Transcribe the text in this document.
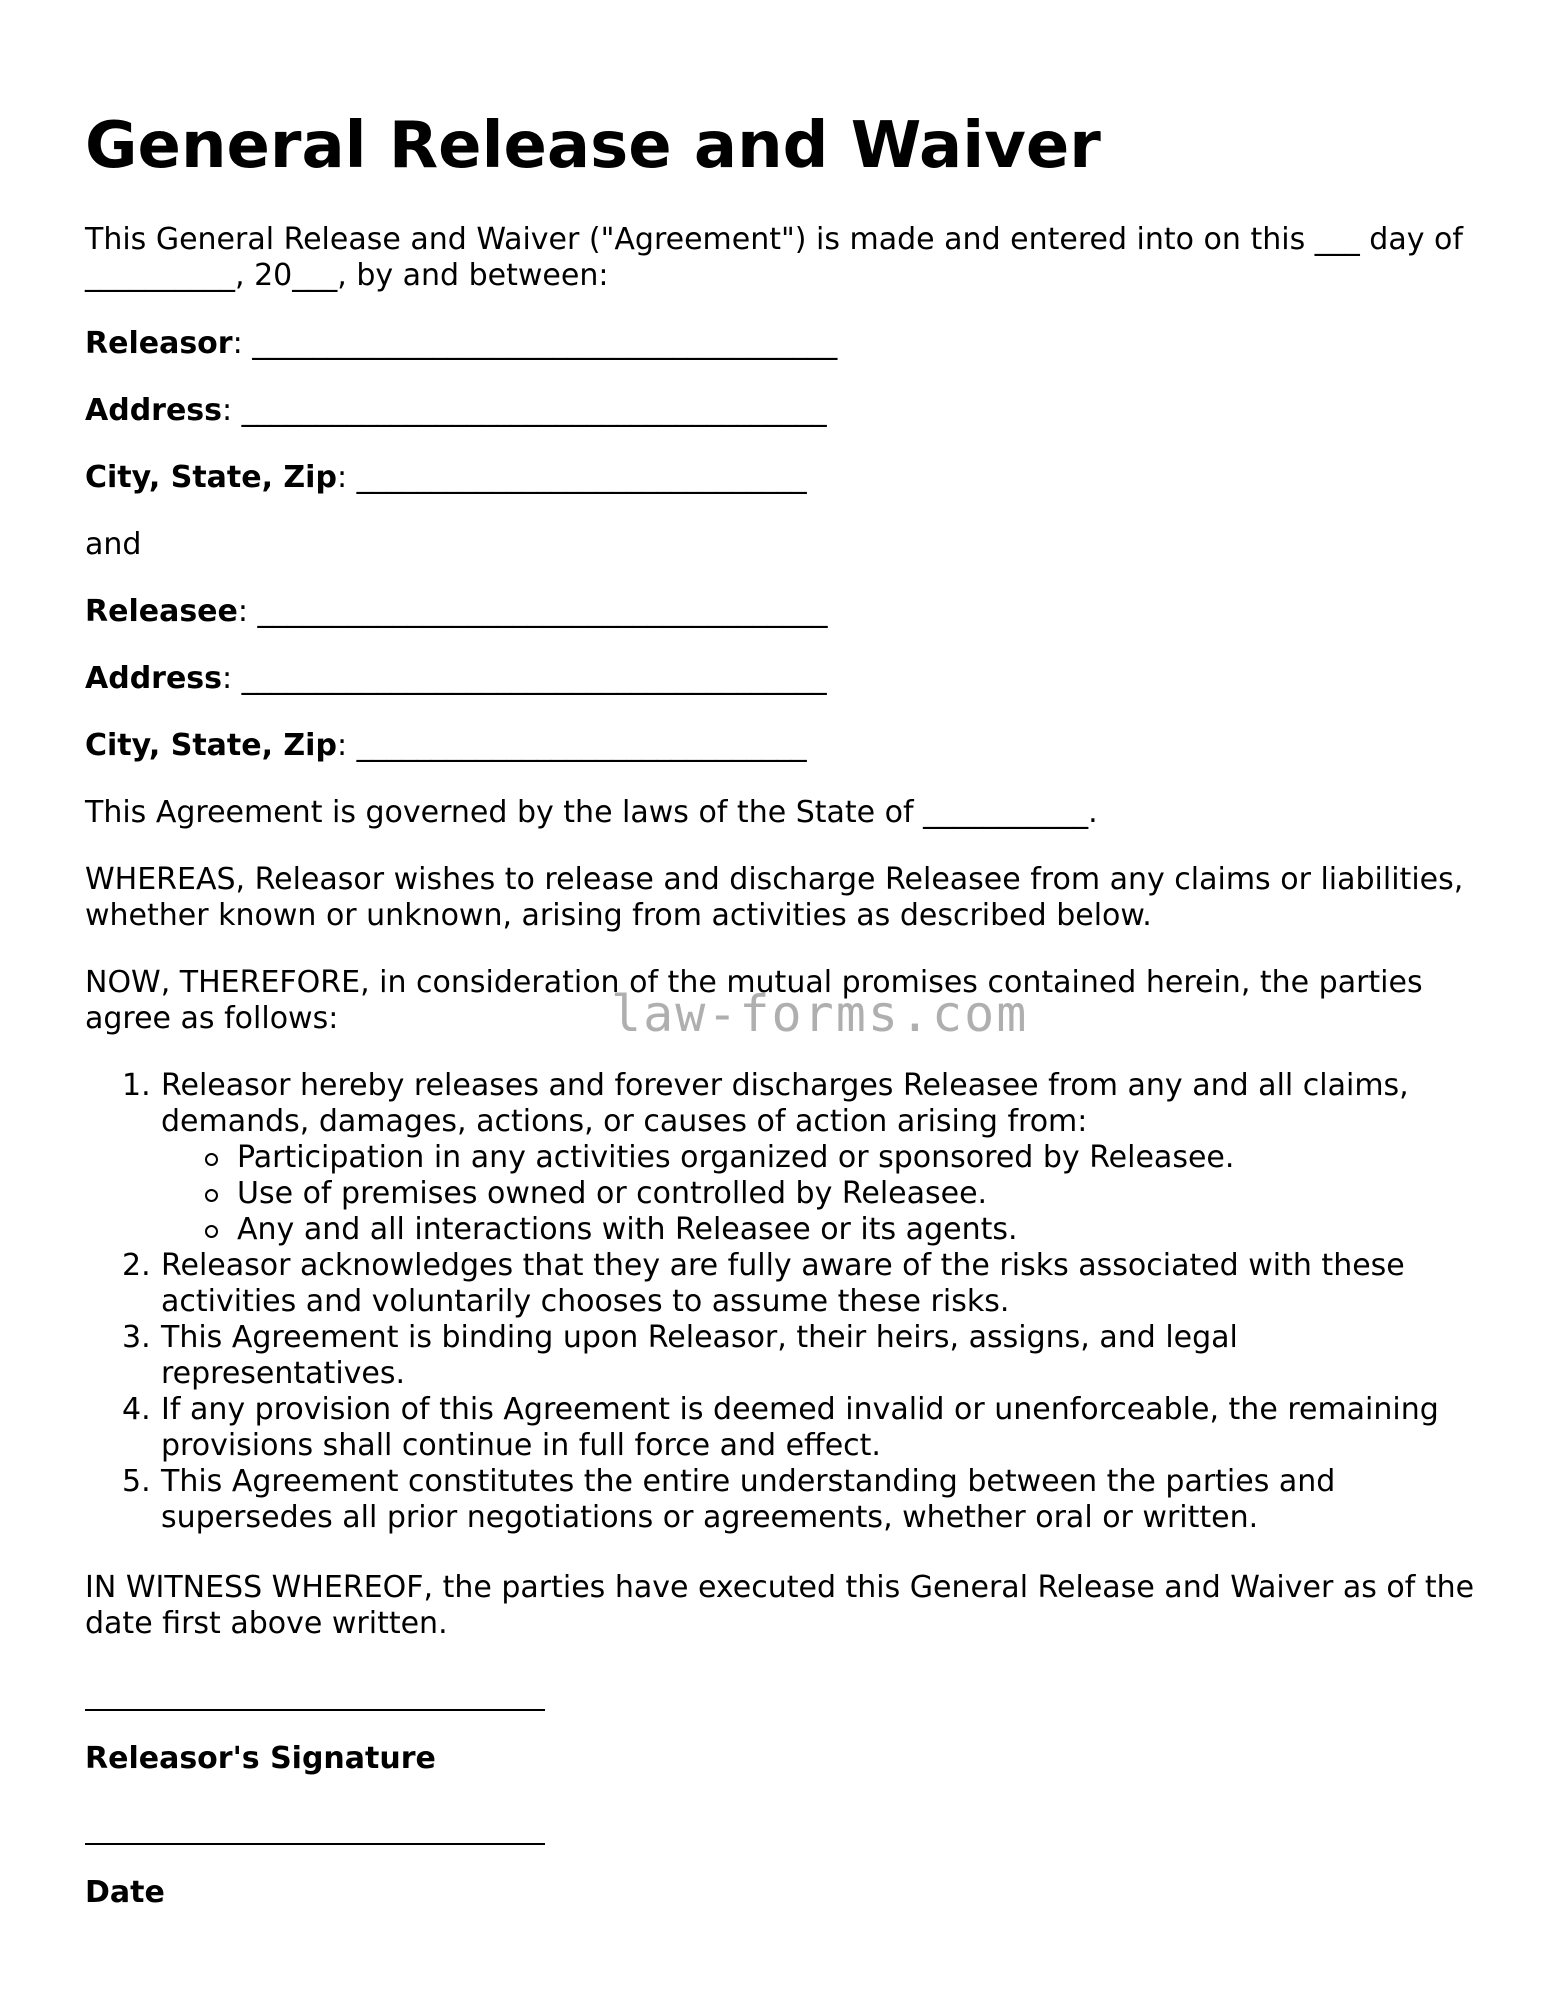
General Release and Waiver

This General Release and Waiver ("Agreement") is made and entered into on this ___ day of __________, 20___, by and between:

Releasor: _______________________________________

Address: _______________________________________

City, State, Zip: ______________________________

and

Releasee: ______________________________________

Address: _______________________________________

City, State, Zip: ______________________________

This Agreement is governed by the laws of the State of ___________.

WHEREAS, Releasor wishes to release and discharge Releasee from any claims or liabilities, whether known or unknown, arising from activities as described below.

NOW, THEREFORE, in consideration of the mutual promises contained herein, the parties agree as follows:

1. Releasor hereby releases and forever discharges Releasee from any and all claims, demands, damages, actions, or causes of action arising from:
Participation in any activities organized or sponsored by Releasee.
Use of premises owned or controlled by Releasee.
Any and all interactions with Releasee or its agents.
2. Releasor acknowledges that they are fully aware of the risks associated with these activities and voluntarily chooses to assume these risks.
3. This Agreement is binding upon Releasor, their heirs, assigns, and legal representatives.
4. If any provision of this Agreement is deemed invalid or unenforceable, the remaining provisions shall continue in full force and effect.
5. This Agreement constitutes the entire understanding between the parties and supersedes all prior negotiations or agreements, whether oral or written.

IN WITNESS WHEREOF, the parties have executed this General Release and Waiver as of the date first above written.

Releasor's Signature

Date

law-forms.com
